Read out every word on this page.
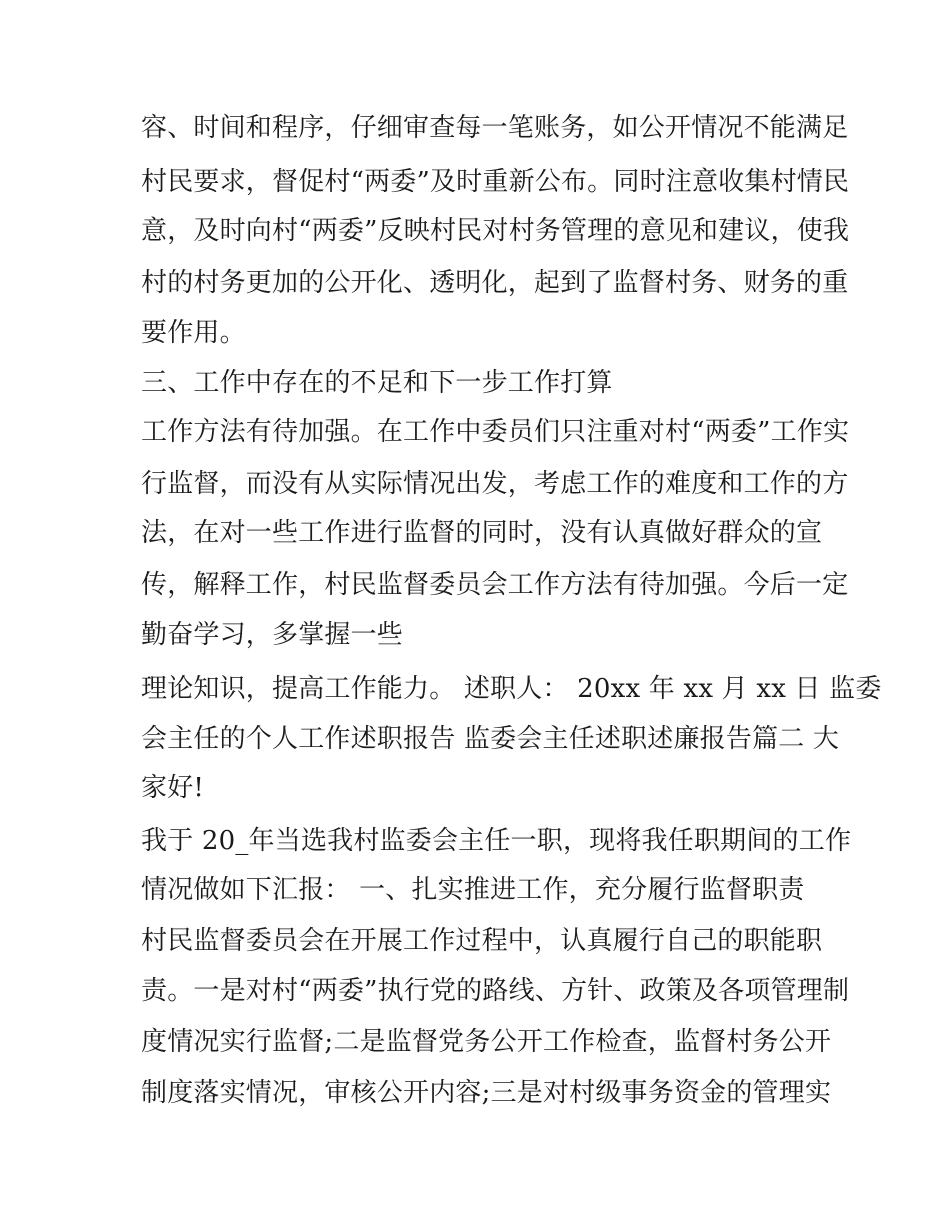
容、时间和程序，仔细审查每一笔账务，如公开情况不能满足
村民要求，督促村“两委”及时重新公布。同时注意收集村情民
意，及时向村“两委”反映村民对村务管理的意见和建议，使我
村的村务更加的公开化、透明化，起到了监督村务、财务的重
要作用。
三、工作中存在的不足和下一步工作打算
工作方法有待加强。在工作中委员们只注重对村“两委”工作实
行监督，而没有从实际情况出发，考虑工作的难度和工作的方
法，在对一些工作进行监督的同时，没有认真做好群众的宣
传，解释工作，村民监督委员会工作方法有待加强。今后一定
勤奋学习，多掌握一些
理论知识，提高工作能力。 述职人： 20xx 年 xx 月 xx 日 监委
会主任的个人工作述职报告 监委会主任述职述廉报告篇二 大
家好!
我于 20_年当选我村监委会主任一职，现将我任职期间的工作
情况做如下汇报： 一、扎实推进工作，充分履行监督职责
村民监督委员会在开展工作过程中，认真履行自己的职能职
责。一是对村“两委”执行党的路线、方针、政策及各项管理制
度情况实行监督;二是监督党务公开工作检查，监督村务公开
制度落实情况，审核公开内容;三是对村级事务资金的管理实
